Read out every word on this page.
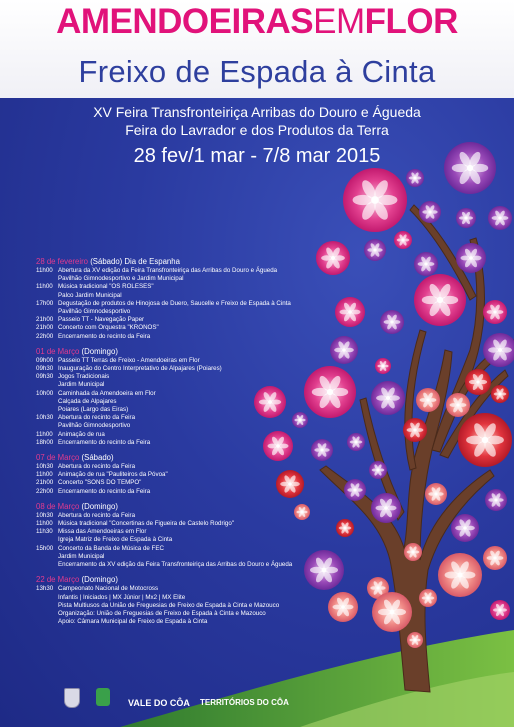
AMENDOEIRASEMFLOR
Freixo de Espada à Cinta
XV Feira Transfronteiriça Arribas do Douro e Águeda
Feira do Lavrador e dos Produtos da Terra
28 fev/1 mar - 7/8 mar 2015
28 de fevereiro (Sábado) Dia de Espanha
11h00 Abertura da XV edição da Feira Transfronteiriça das Arribas do Douro e Águeda
Pavilhão Gimnodesportivo e Jardim Municipal
11h00 Música tradicional "OS ROLESES"
Palco Jardim Municipal
17h00 Degustação de produtos de Hinojosa de Duero, Saucelle e Freixo de Espada à Cinta
Pavilhão Gimnodesportivo
21h00 Passeio TT - Navegação Paper
21h00 Concerto com Orquestra "KRONOS"
22h00 Encerramento do recinto da Feira
01 de Março (Domingo)
09h00 Passeio TT Terras de Freixo - Amendoeiras em Flor
09h30 Inauguração do Centro Interpretativo de Alpajares (Poiares)
09h30 Jogos Tradicionais
Jardim Municipal
10h00 Caminhada da Amendoeira em Flor
Calçada de Alpajares
Poiares (Largo das Eiras)
10h30 Abertura do recinto da Feira
Pavilhão Gimnodesportivo
11h00 Animação de rua
18h00 Encerramento do recinto da Feira
07 de Março (Sábado)
10h30 Abertura do recinto da Feira
11h00 Animação de rua "Pauliteiros da Póvoa"
21h00 Concerto "SONS DO TEMPO"
22h00 Encerramento do recinto da Feira
08 de Março (Domingo)
10h30 Abertura do recinto da Feira
11h00 Música tradicional "Concertinas de Figueira de Castelo Rodrigo"
11h30 Missa das Amendoeiras em Flor
Igreja Matriz de Freixo de Espada à Cinta
15h00 Concerto da Banda de Música de FEC
Jardim Municipal
Encerramento da XV edição da Feira Transfronteiriça das Arribas do Douro e Águeda
22 de Março (Domingo)
13h30 Campeonato Nacional de Motocross
Infantis | Iniciados | MX Júnior | Mx2 | MX Elite
Pista Multiusos da União de Freguesias de Freixo de Espada à Cinta e Mazouco
Organização: União de Freguesias de Freixo de Espada à Cinta e Mazouco
Apoio: Câmara Municipal de Freixo de Espada à Cinta
VALE DO CÔA TERRITÓRIOS DO CÔA
